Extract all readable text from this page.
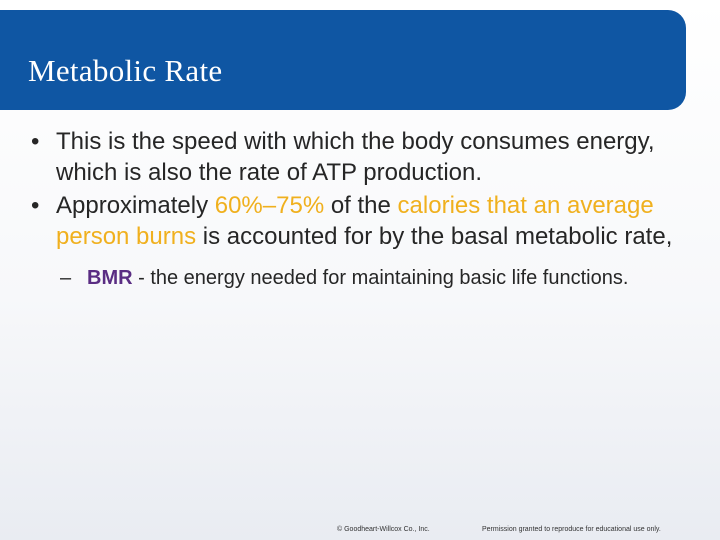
Metabolic Rate

• This is the speed with which the body consumes energy, which is also the rate of ATP production.

• Approximately 60%–75% of the calories that an average person burns is accounted for by the basal metabolic rate,

– BMR - the energy needed for maintaining basic life functions.

© Goodheart-Willcox Co., Inc.	Permission granted to reproduce for educational use only.
